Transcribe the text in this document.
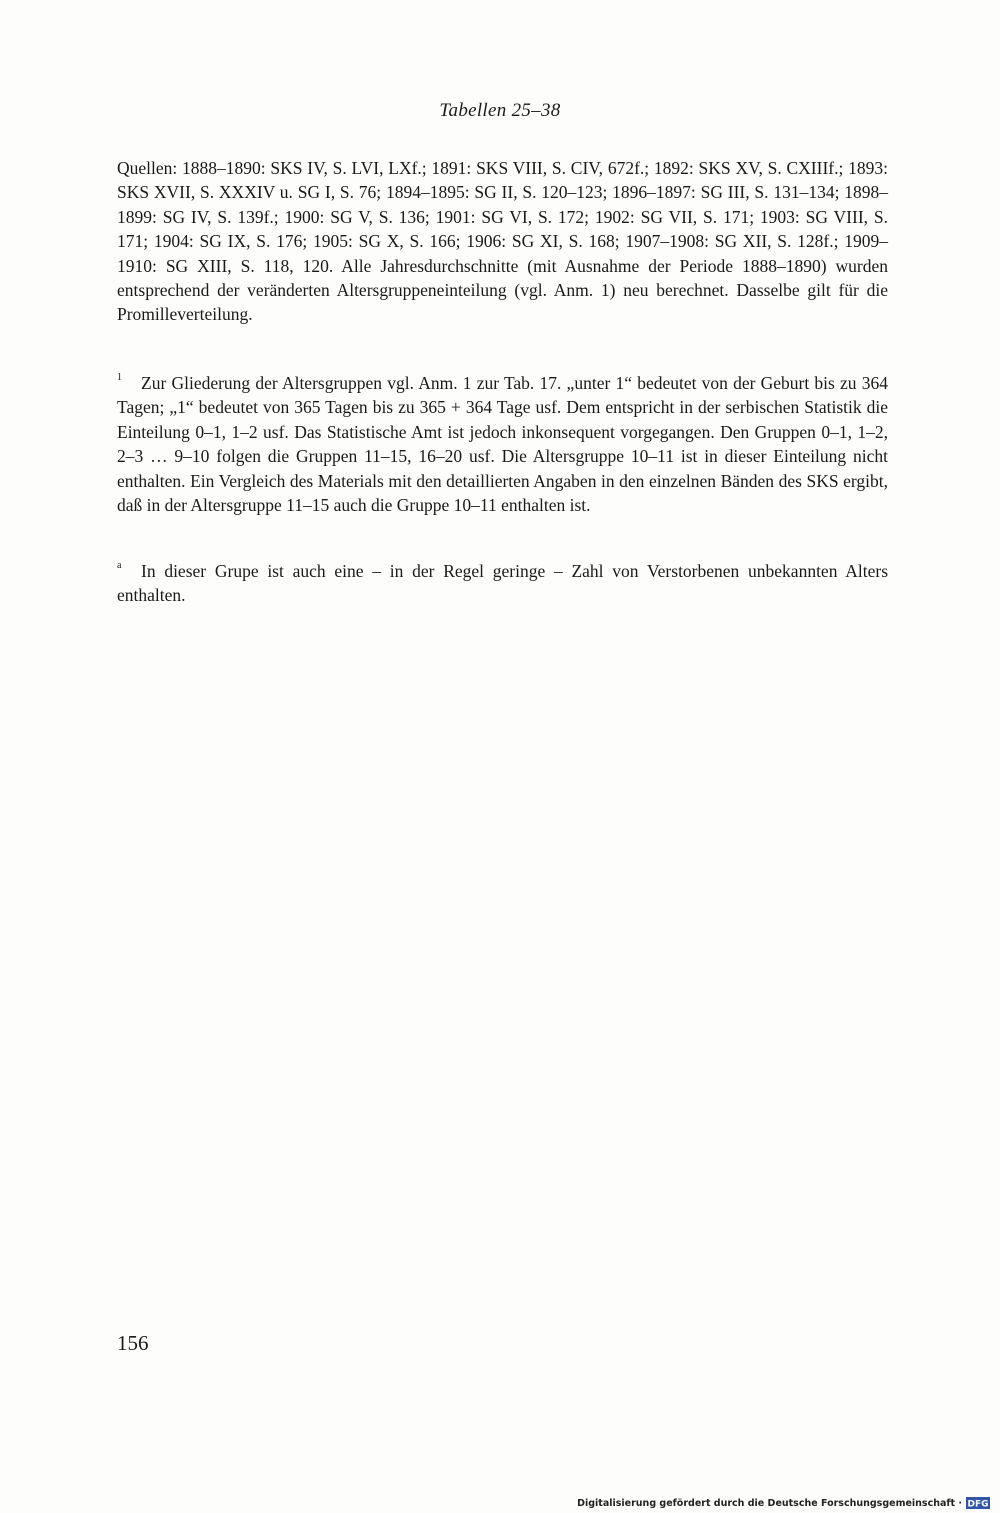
Tabellen 25–38

Quellen: 1888–1890: SKS IV, S. LVI, LXf.; 1891: SKS VIII, S. CIV, 672f.; 1892: SKS XV, S. CXIIIf.; 1893: SKS XVII, S. XXXIV u. SG I, S. 76; 1894–1895: SG II, S. 120–123; 1896–1897: SG III, S. 131–134; 1898–1899: SG IV, S. 139f.; 1900: SG V, S. 136; 1901: SG VI, S. 172; 1902: SG VII, S. 171; 1903: SG VIII, S. 171; 1904: SG IX, S. 176; 1905: SG X, S. 166; 1906: SG XI, S. 168; 1907–1908: SG XII, S. 128f.; 1909–1910: SG XIII, S. 118, 120. Alle Jahresdurchschnitte (mit Ausnahme der Periode 1888–1890) wurden entsprechend der veränderten Altersgruppeneinteilung (vgl. Anm. 1) neu berechnet. Dasselbe gilt für die Promilleverteilung.

1 Zur Gliederung der Altersgruppen vgl. Anm. 1 zur Tab. 17. „unter 1“ bedeutet von der Geburt bis zu 364 Tagen; „1“ bedeutet von 365 Tagen bis zu 365 + 364 Tage usf. Dem entspricht in der serbischen Statistik die Einteilung 0–1, 1–2 usf. Das Statistische Amt ist jedoch inkonsequent vorgegangen. Den Gruppen 0–1, 1–2, 2–3 … 9–10 folgen die Gruppen 11–15, 16–20 usf. Die Altersgruppe 10–11 ist in dieser Einteilung nicht enthalten. Ein Vergleich des Materials mit den detaillierten Angaben in den einzelnen Bänden des SKS ergibt, daß in der Altersgruppe 11–15 auch die Gruppe 10–11 enthalten ist.

a In dieser Grupe ist auch eine – in der Regel geringe – Zahl von Verstorbenen unbekannten Alters enthalten.

156
Digitalisierung gefördert durch die Deutsche Forschungsgemeinschaft · DFG
